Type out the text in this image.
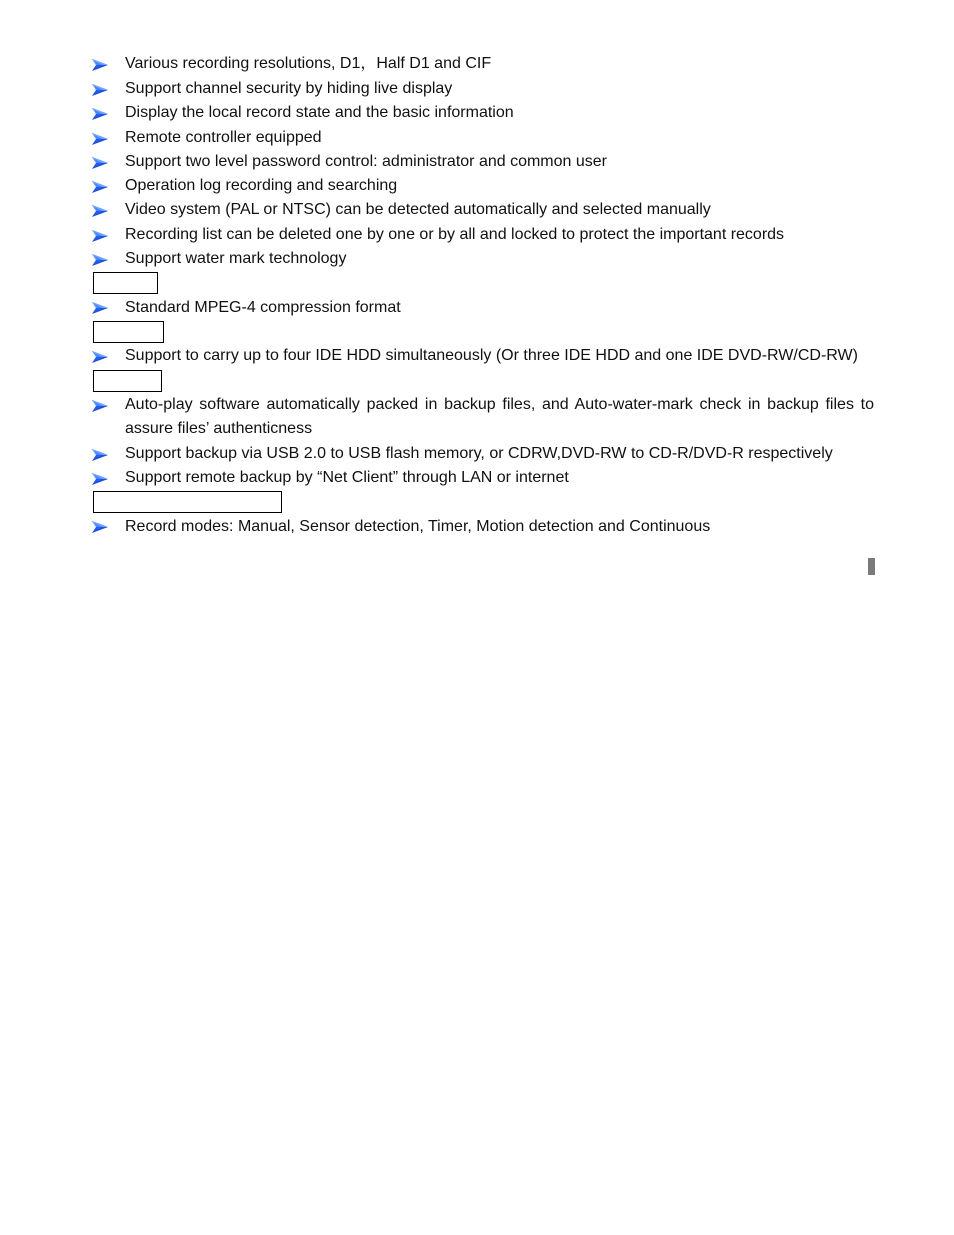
Various recording resolutions, D1，Half D1 and CIF
Support channel security by hiding live display
Display the local record state and the basic information
Remote controller equipped
Support two level password control: administrator and common user
Operation log recording and searching
Video system (PAL or NTSC) can be detected automatically and selected manually
Recording list can be deleted one by one or by all and locked to protect the important records
Support water mark technology
Standard MPEG-4 compression format
Support to carry up to four IDE HDD simultaneously (Or three IDE HDD and one IDE DVD-RW/CD-RW)
Auto-play software automatically packed in backup files, and Auto-water-mark check in backup files to assure files’ authenticness
Support backup via USB 2.0 to USB flash memory, or CDRW,DVD-RW to CD-R/DVD-R respectively
Support remote backup by “Net Client” through LAN or internet
Record modes: Manual, Sensor detection, Timer, Motion detection and Continuous
